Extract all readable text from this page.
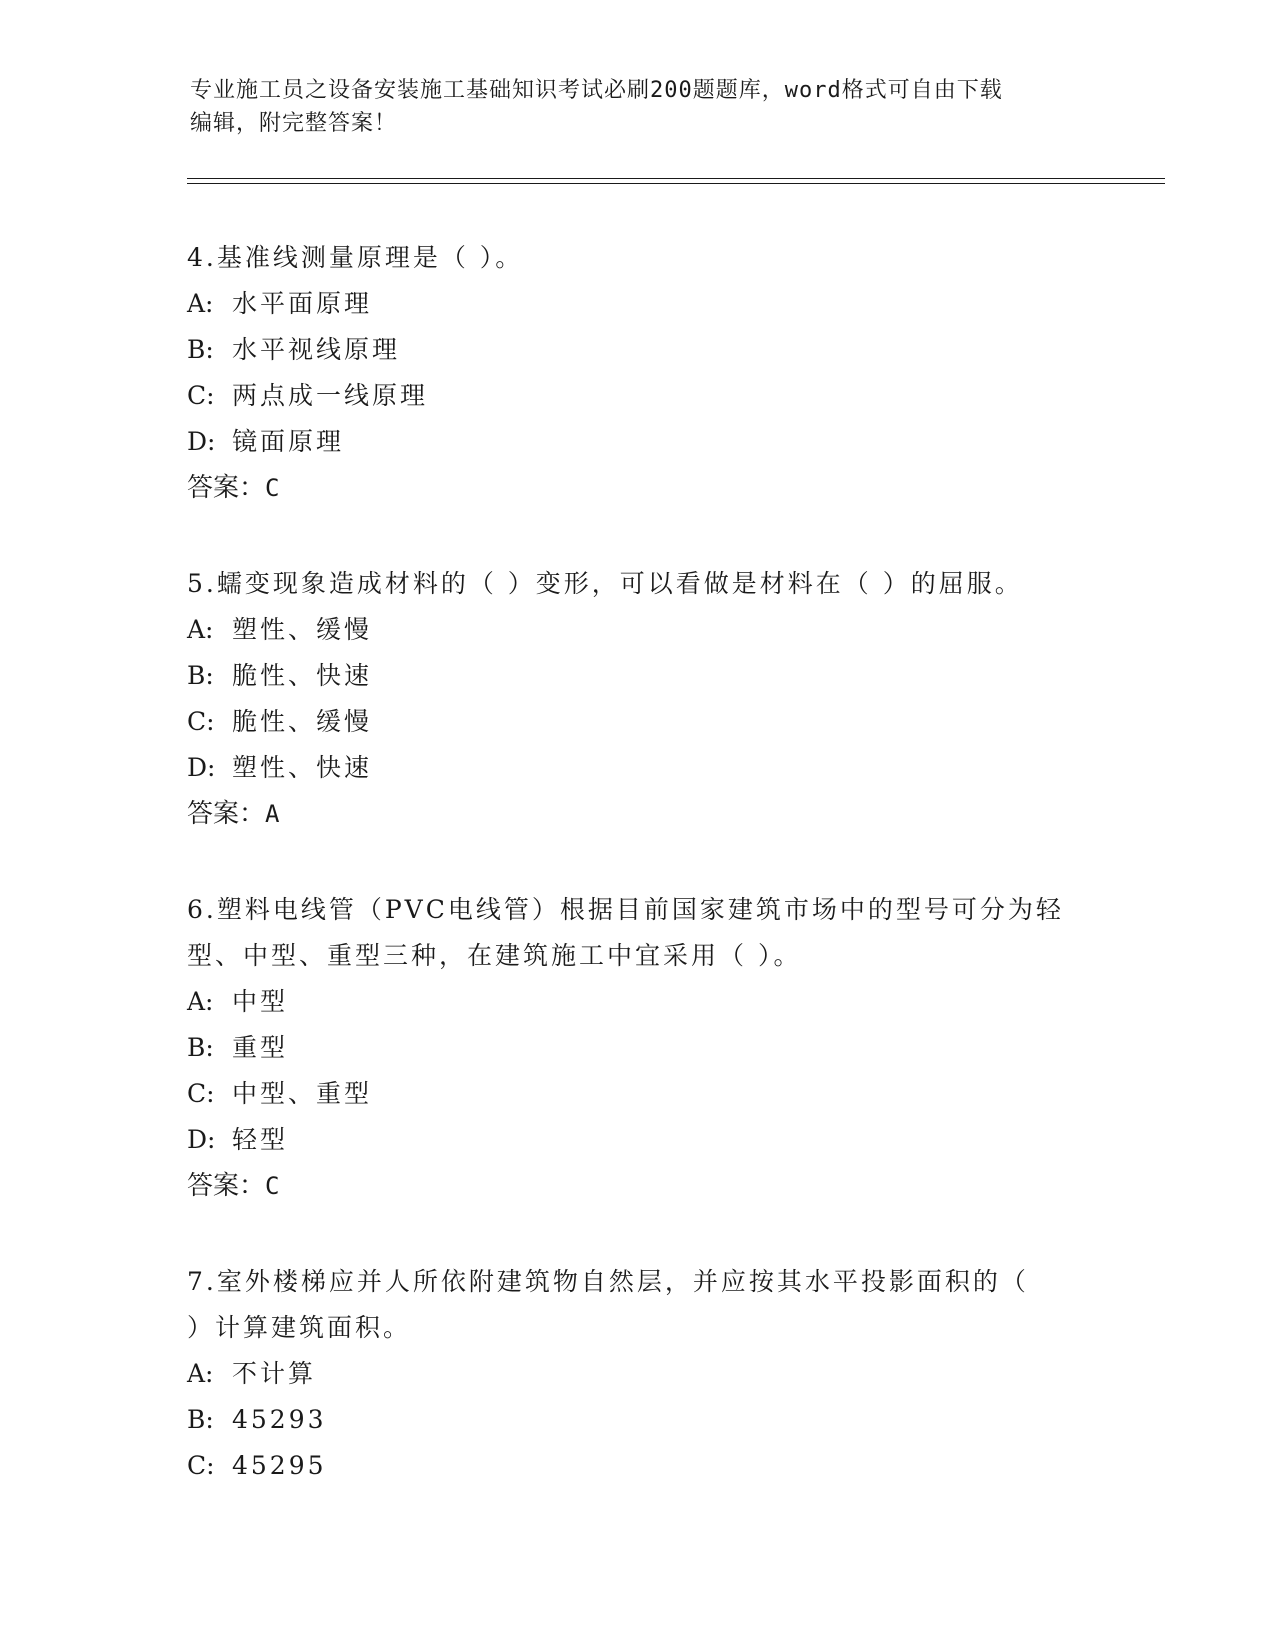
专业施工员之设备安装施工基础知识考试必刷200题题库，word格式可自由下载
编辑，附完整答案！
4.基准线测量原理是（ ）。
A: 水平面原理
B: 水平视线原理
C: 两点成一线原理
D: 镜面原理
答案：C
5.蠕变现象造成材料的（ ）变形，可以看做是材料在（ ）的屈服。
A: 塑性、缓慢
B: 脆性、快速
C: 脆性、缓慢
D: 塑性、快速
答案：A
6.塑料电线管（PVC电线管）根据目前国家建筑市场中的型号可分为轻
型、中型、重型三种，在建筑施工中宜采用（ ）。
A: 中型
B: 重型
C: 中型、重型
D: 轻型
答案：C
7.室外楼梯应并人所依附建筑物自然层，并应按其水平投影面积的（
）计算建筑面积。
A: 不计算
B: 45293
C: 45295
